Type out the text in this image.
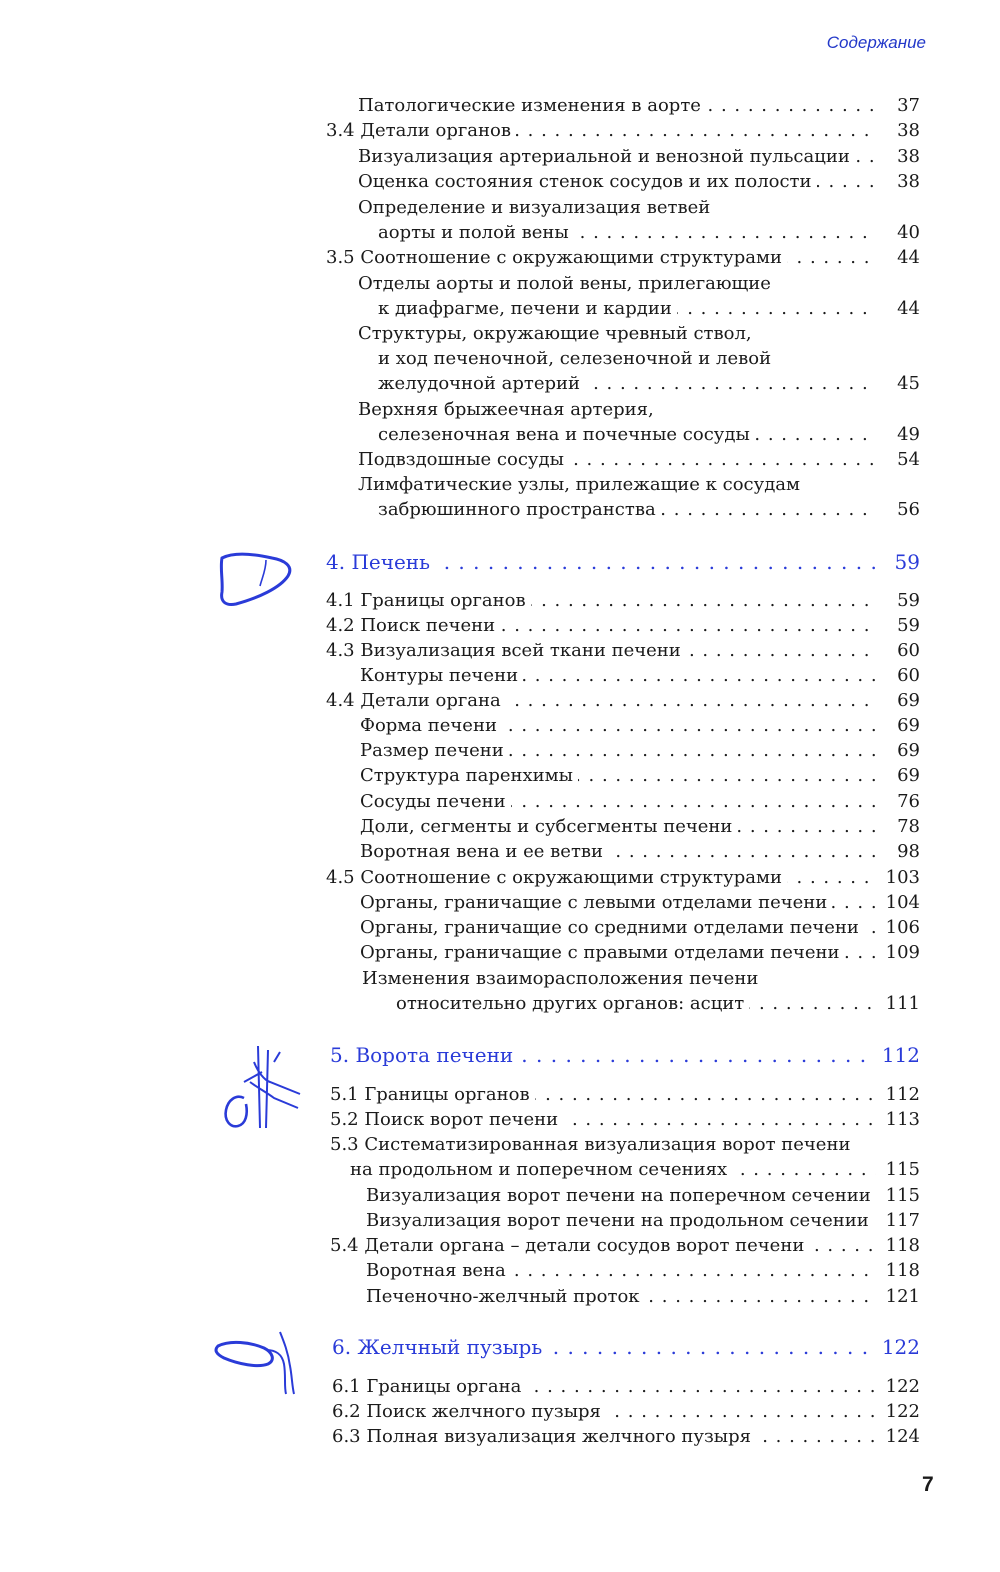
Содержание
Патологические изменения в аорте . . .	37
3.4 Детали органов . . .	38
Визуализация артериальной и венозной пульсации . . .	38
Оценка состояния стенок сосудов и их полости . . .	38
Определение и визуализация ветвей
аорты и полой вены . . .	40
3.5 Соотношение с окружающими структурами . . .	44
Отделы аорты и полой вены, прилегающие
к диафрагме, печени и кардии . . .	44
Структуры, окружающие чревный ствол,
и ход печеночной, селезеночной и левой
желудочной артерий . . .	45
Верхняя брыжеечная артерия,
селезеночная вена и почечные сосуды . . .	49
Подвздошные сосуды . . .	54
Лимфатические узлы, прилежащие к сосудам
забрюшинного пространства . . .	56
4. Печень . . .	59
4.1 Границы органов . . .	59
4.2 Поиск печени . . .	59
4.3 Визуализация всей ткани печени . . .	60
Контуры печени . . .	60
4.4 Детали органа . . .	69
Форма печени . . .	69
Размер печени . . .	69
Структура паренхимы . . .	69
Сосуды печени . . .	76
Доли, сегменты и субсегменты печени . . .	78
Воротная вена и ее ветви . . .	98
4.5 Соотношение с окружающими структурами . . .	103
Органы, граничащие с левыми отделами печени . . .	104
Органы, граничащие со средними отделами печени . . .	106
Органы, граничащие с правыми отделами печени . . .	109
Изменения взаиморасположения печени
относительно других органов: асцит . . .	111
5. Ворота печени . . .	112
5.1 Границы органов . . .	112
5.2 Поиск ворот печени . . .	113
5.3 Систематизированная визуализация ворот печени
на продольном и поперечном сечениях . . .	115
Визуализация ворот печени на поперечном сечении . . . 115
Визуализация ворот печени на продольном сечении . . . 117
5.4 Детали органа – детали сосудов ворот печени . . .	118
Воротная вена . . .	118
Печеночно-желчный проток . . .	121
6. Желчный пузырь . . .	122
6.1 Границы органа . . .	122
6.2 Поиск желчного пузыря . . .	122
6.3 Полная визуализация желчного пузыря . . .	124
7
